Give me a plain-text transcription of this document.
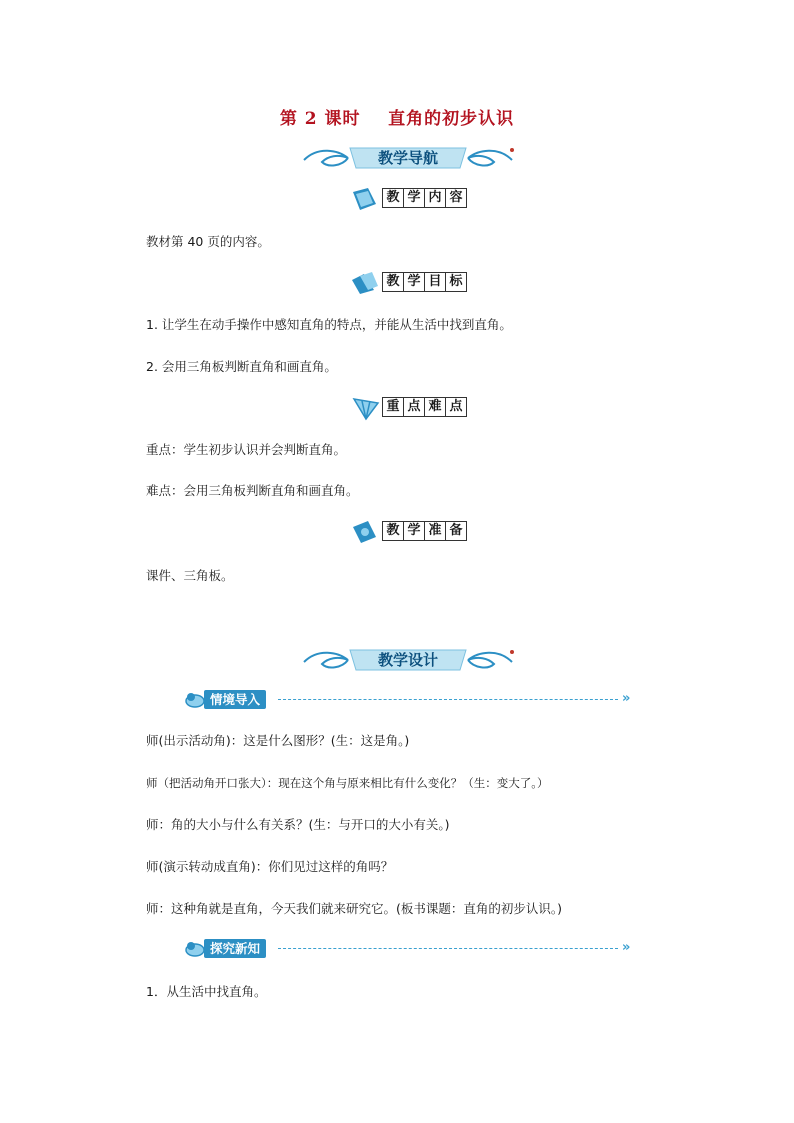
第 2 课时    直角的初步认识
教学导航
教 学 内 容
教材第 40 页的内容。
教 学 目 标
1. 让学生在动手操作中感知直角的特点，并能从生活中找到直角。
2. 会用三角板判断直角和画直角。
重 点 难 点
重点：学生初步认识并会判断直角。
难点：会用三角板判断直角和画直角。
教 学 准 备
课件、三角板。
教学设计
情境导入	»
师(出示活动角)：这是什么图形？(生：这是角。)
师（把活动角开口张大）：现在这个角与原来相比有什么变化？（生：变大了。）
师：角的大小与什么有关系？(生：与开口的大小有关。)
师(演示转动成直角)：你们见过这样的角吗？
师：这种角就是直角，今天我们就来研究它。(板书课题：直角的初步认识。)
探究新知	»
1．从生活中找直角。
